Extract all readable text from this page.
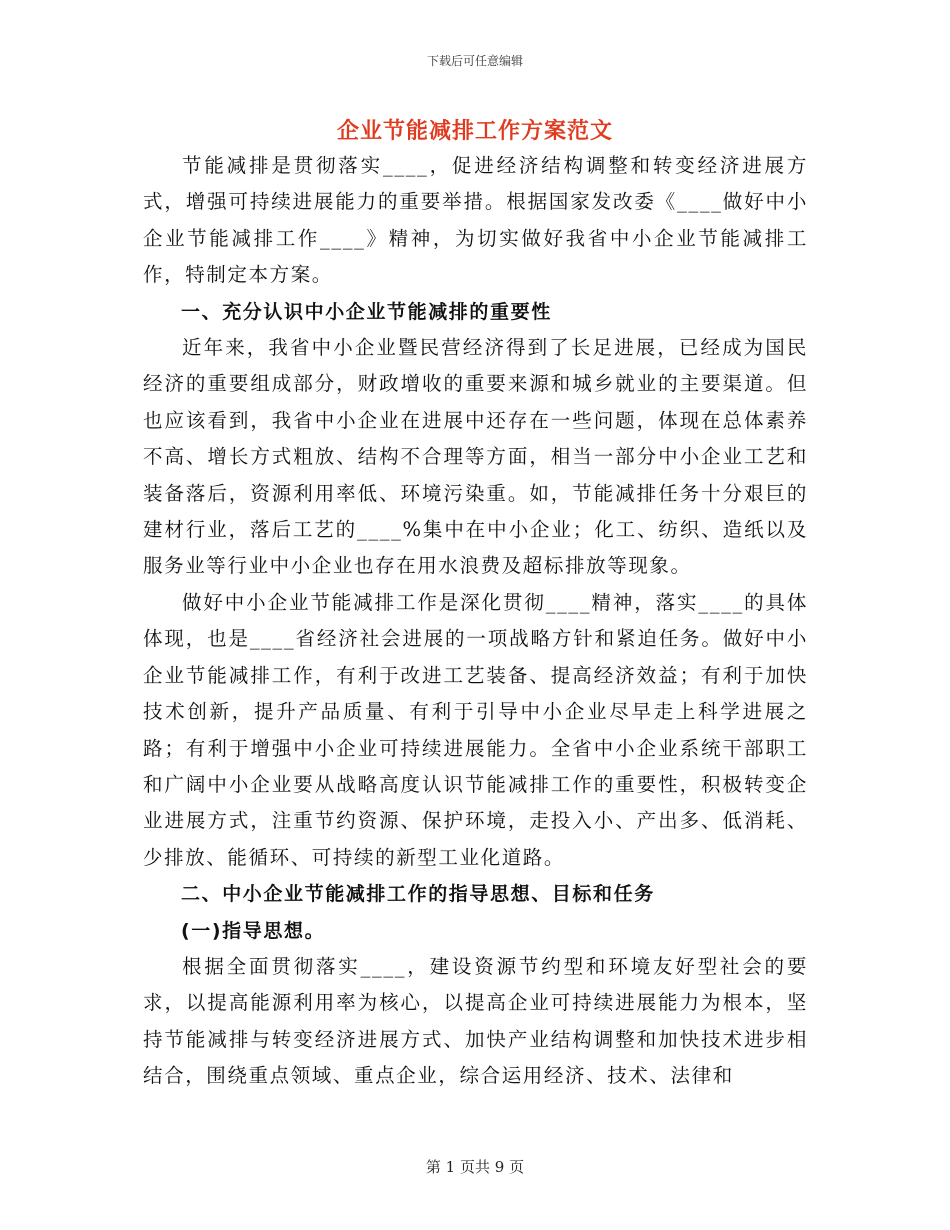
下载后可任意编辑
企业节能减排工作方案范文

节能减排是贯彻落实____，促进经济结构调整和转变经济进展方式，增强可持续进展能力的重要举措。根据国家发改委《____做好中小企业节能减排工作____》精神，为切实做好我省中小企业节能减排工作，特制定本方案。

一、充分认识中小企业节能减排的重要性

近年来，我省中小企业暨民营经济得到了长足进展，已经成为国民经济的重要组成部分，财政增收的重要来源和城乡就业的主要渠道。但也应该看到，我省中小企业在进展中还存在一些问题，体现在总体素养不高、增长方式粗放、结构不合理等方面，相当一部分中小企业工艺和装备落后，资源利用率低、环境污染重。如，节能减排任务十分艰巨的建材行业，落后工艺的____%集中在中小企业；化工、纺织、造纸以及服务业等行业中小企业也存在用水浪费及超标排放等现象。

做好中小企业节能减排工作是深化贯彻____精神，落实____的具体体现，也是____省经济社会进展的一项战略方针和紧迫任务。做好中小企业节能减排工作，有利于改进工艺装备、提高经济效益；有利于加快技术创新，提升产品质量、有利于引导中小企业尽早走上科学进展之路；有利于增强中小企业可持续进展能力。全省中小企业系统干部职工和广阔中小企业要从战略高度认识节能减排工作的重要性，积极转变企业进展方式，注重节约资源、保护环境，走投入小、产出多、低消耗、少排放、能循环、可持续的新型工业化道路。

二、中小企业节能减排工作的指导思想、目标和任务

(一)指导思想。

根据全面贯彻落实____，建设资源节约型和环境友好型社会的要求，以提高能源利用率为核心，以提高企业可持续进展能力为根本，坚持节能减排与转变经济进展方式、加快产业结构调整和加快技术进步相结合，围绕重点领域、重点企业，综合运用经济、技术、法律和

第 1 页共 9 页
